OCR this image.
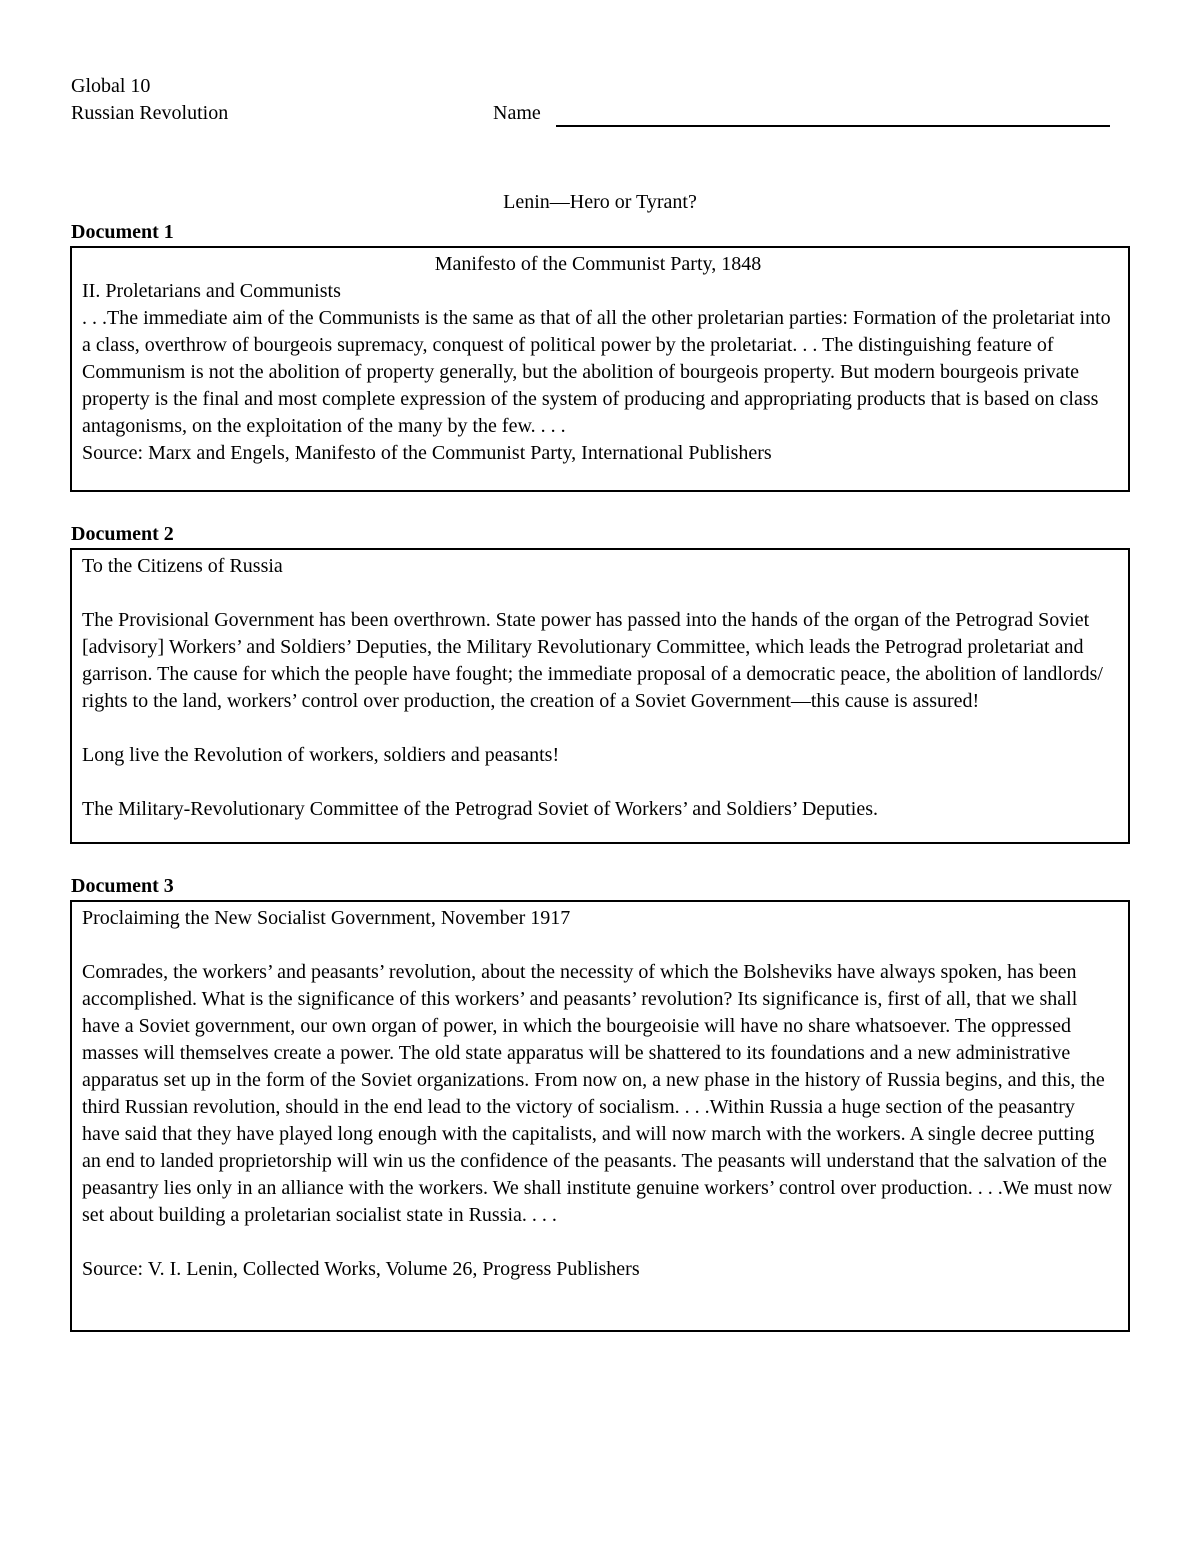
Global 10
Russian Revolution	Name
Lenin—Hero or Tyrant?
Document 1

Manifesto of the Communist Party, 1848

II. Proletarians and Communists

. . .The immediate aim of the Communists is the same as that of all the other proletarian parties: Formation of the proletariat into a class, overthrow of bourgeois supremacy, conquest of political power by the proletariat. . . The distinguishing feature of Communism is not the abolition of property generally, but the abolition of bourgeois property. But modern bourgeois private property is the final and most complete expression of the system of producing and appropriating products that is based on class antagonisms, on the exploitation of the many by the few. . . .

Source: Marx and Engels, Manifesto of the Communist Party, International Publishers

Document 2

To the Citizens of Russia

The Provisional Government has been overthrown. State power has passed into the hands of the organ of the Petrograd Soviet [advisory] Workers’ and Soldiers’ Deputies, the Military Revolutionary Committee, which leads the Petrograd proletariat and garrison. The cause for which the people have fought; the immediate proposal of a democratic peace, the abolition of landlords/ rights to the land, workers’ control over production, the creation of a Soviet Government—this cause is assured!

Long live the Revolution of workers, soldiers and peasants!

The Military-Revolutionary Committee of the Petrograd Soviet of Workers’ and Soldiers’ Deputies.

Document 3

Proclaiming the New Socialist Government, November 1917

Comrades, the workers’ and peasants’ revolution, about the necessity of which the Bolsheviks have always spoken, has been accomplished. What is the significance of this workers’ and peasants’ revolution? Its significance is, first of all, that we shall have a Soviet government, our own organ of power, in which the bourgeoisie will have no share whatsoever. The oppressed masses will themselves create a power. The old state apparatus will be shattered to its foundations and a new administrative apparatus set up in the form of the Soviet organizations. From now on, a new phase in the history of Russia begins, and this, the third Russian revolution, should in the end lead to the victory of socialism. . . .Within Russia a huge section of the peasantry have said that they have played long enough with the capitalists, and will now march with the workers. A single decree putting an end to landed proprietorship will win us the confidence of the peasants. The peasants will understand that the salvation of the peasantry lies only in an alliance with the workers. We shall institute genuine workers’ control over production. . . .We must now set about building a proletarian socialist state in Russia. . . .

Source: V. I. Lenin, Collected Works, Volume 26, Progress Publishers
